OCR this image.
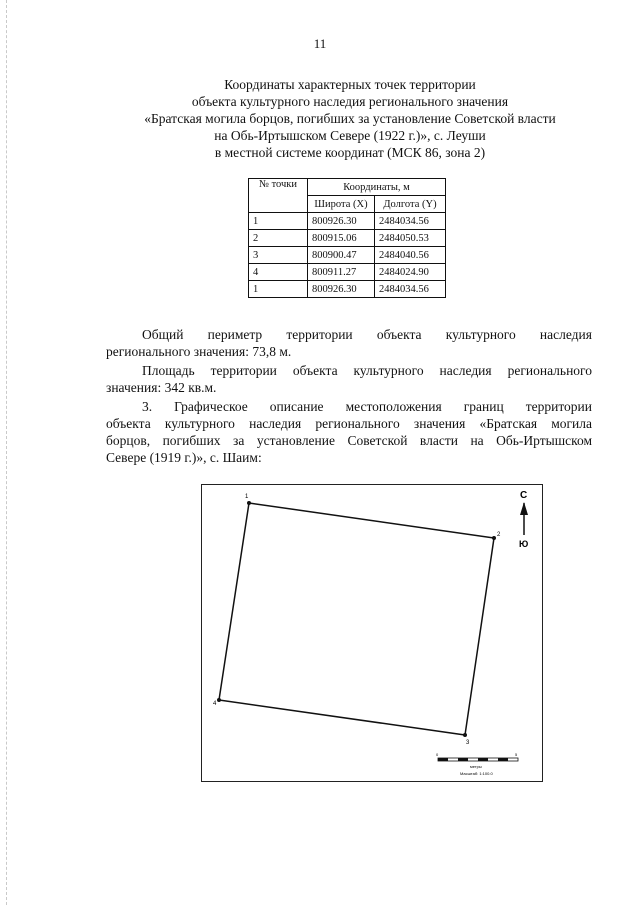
11
Координаты характерных точек территории
объекта культурного наследия регионального значения
«Братская могила борцов, погибших за установление Советской власти
на Обь-Иртышском Севере (1922 г.)», с. Леуши
в местной системе координат (МСК 86, зона 2)
№ точки	Координаты, м	
	Широта (X)	Долгота (Y)
1	800926.30	2484034.56
2	800915.06	2484050.53
3	800900.47	2484040.56
4	800911.27	2484024.90
1	800926.30	2484034.56
Общий периметр территории объекта культурного наследия
регионального значения: 73,8 м.
Площадь территории объекта культурного наследия регионального
значения: 342 кв.м.
3. Графическое описание местоположения границ территории
объекта культурного наследия регионального значения «Братская могила
борцов, погибших за установление Советской власти на Обь-Иртышском
Севере (1919 г.)», с. Шаим:
1
2
3
4
С
Ю
0	5
метры
Масштаб: 1:100.0
